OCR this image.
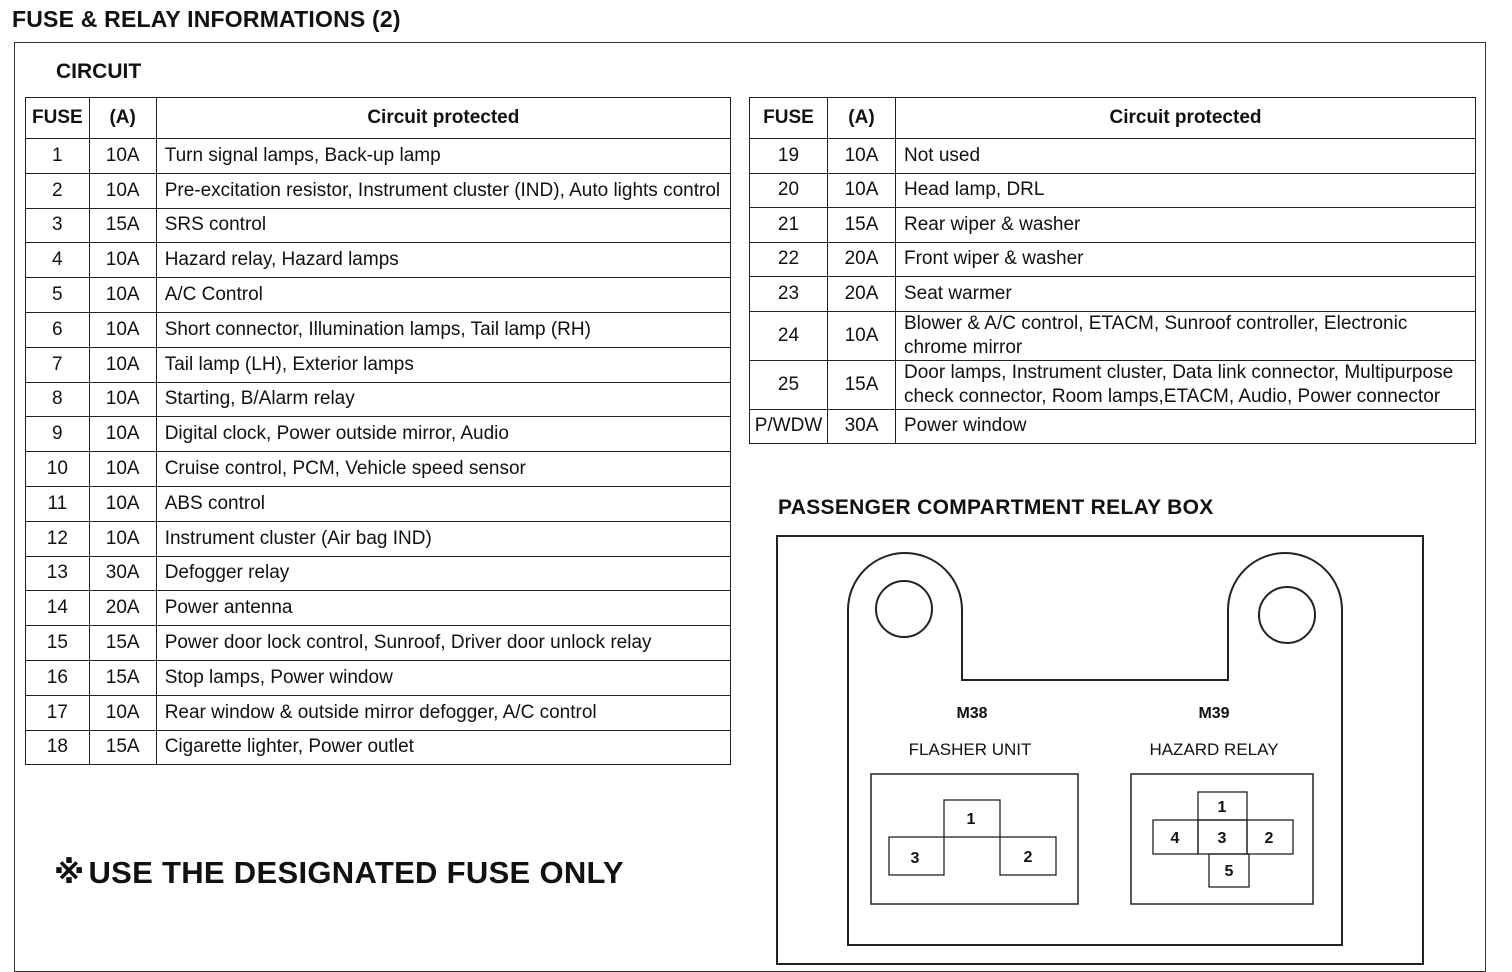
FUSE & RELAY INFORMATIONS (2)
CIRCUIT
FUSE	(A)	Circuit protected
1	10A	Turn signal lamps, Back-up lamp
2	10A	Pre-excitation resistor, Instrument cluster (IND), Auto lights control
3	15A	SRS control
4	10A	Hazard relay, Hazard lamps
5	10A	A/C Control
6	10A	Short connector, Illumination lamps, Tail lamp (RH)
7	10A	Tail lamp (LH), Exterior lamps
8	10A	Starting, B/Alarm relay
9	10A	Digital clock, Power outside mirror, Audio
10	10A	Cruise control, PCM, Vehicle speed sensor
11	10A	ABS control
12	10A	Instrument cluster (Air bag IND)
13	30A	Defogger relay
14	20A	Power antenna
15	15A	Power door lock control, Sunroof, Driver door unlock relay
16	15A	Stop lamps, Power window
17	10A	Rear window & outside mirror defogger, A/C control
18	15A	Cigarette lighter, Power outlet
FUSE	(A)	Circuit protected
19	10A	Not used
20	10A	Head lamp, DRL
21	15A	Rear wiper & washer
22	20A	Front wiper & washer
23	20A	Seat warmer
24	10A	Blower & A/C control, ETACM, Sunroof controller, Electronic chrome mirror
25	15A	Door lamps, Instrument cluster, Data link connector, Multipurpose check connector, Room lamps,ETACM, Audio, Power connector
P/WDW	30A	Power window
PASSENGER COMPARTMENT RELAY BOX
M38
FLASHER UNIT
1
2
3
M39
HAZARD RELAY
1
2
3
4
5
※ USE THE DESIGNATED FUSE ONLY
